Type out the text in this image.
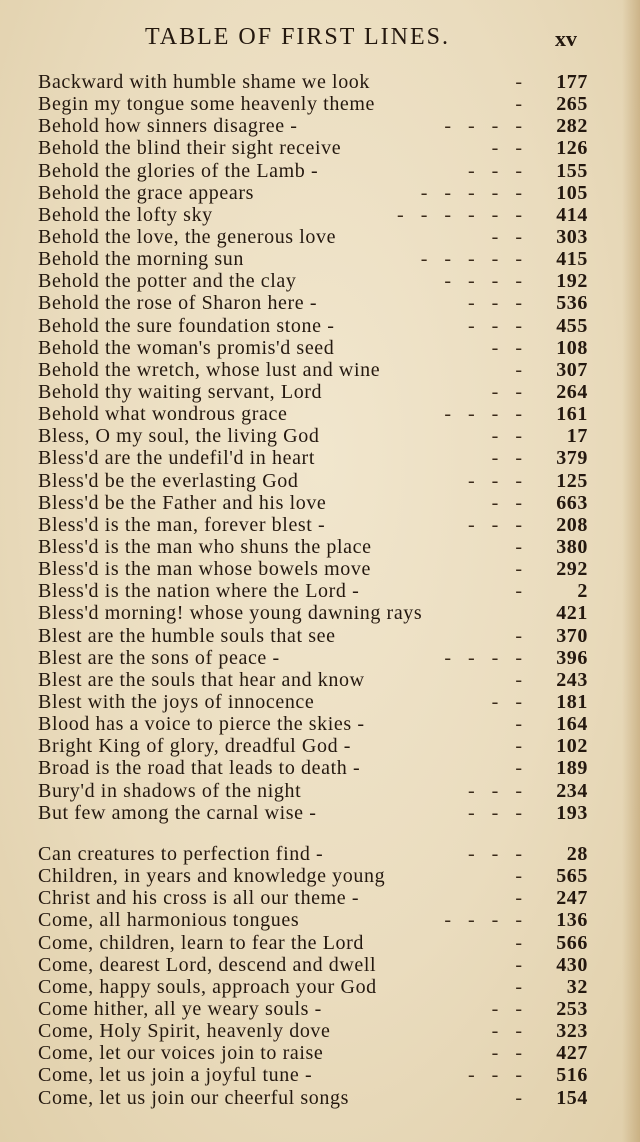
TABLE OF FIRST LINES.	xv
Backward with humble shame we look	-	177
Begin my tongue some heavenly theme	-	265
Behold how sinners disagree -	- - - -	282
Behold the blind their sight receive	- -	126
Behold the glories of the Lamb -	- - -	155
Behold the grace appears	- - - - -	105
Behold the lofty sky	- - - - - -	414
Behold the love, the generous love	- -	303
Behold the morning sun	- - - - -	415
Behold the potter and the clay	- - - -	192
Behold the rose of Sharon here -	- - -	536
Behold the sure foundation stone -	- - -	455
Behold the woman's promis'd seed	- -	108
Behold the wretch, whose lust and wine	-	307
Behold thy waiting servant, Lord	- -	264
Behold what wondrous grace	- - - -	161
Bless, O my soul, the living God	- -	17
Bless'd are the undefil'd in heart	- -	379
Bless'd be the everlasting God	- - -	125
Bless'd be the Father and his love	- -	663
Bless'd is the man, forever blest -	- - -	208
Bless'd is the man who shuns the place	-	380
Bless'd is the man whose bowels move	-	292
Bless'd is the nation where the Lord -	-	2
Bless'd morning! whose young dawning rays	421
Blest are the humble souls that see	-	370
Blest are the sons of peace -	- - - -	396
Blest are the souls that hear and know	-	243
Blest with the joys of innocence	- -	181
Blood has a voice to pierce the skies -	-	164
Bright King of glory, dreadful God -	-	102
Broad is the road that leads to death -	-	189
Bury'd in shadows of the night	- - -	234
But few among the carnal wise -	- - -	193
Can creatures to perfection find -	- - -	28
Children, in years and knowledge young	-	565
Christ and his cross is all our theme -	-	247
Come, all harmonious tongues	- - - -	136
Come, children, learn to fear the Lord	-	566
Come, dearest Lord, descend and dwell	-	430
Come, happy souls, approach your God	-	32
Come hither, all ye weary souls -	- -	253
Come, Holy Spirit, heavenly dove	- -	323
Come, let our voices join to raise	- -	427
Come, let us join a joyful tune -	- - -	516
Come, let us join our cheerful songs	-	154
